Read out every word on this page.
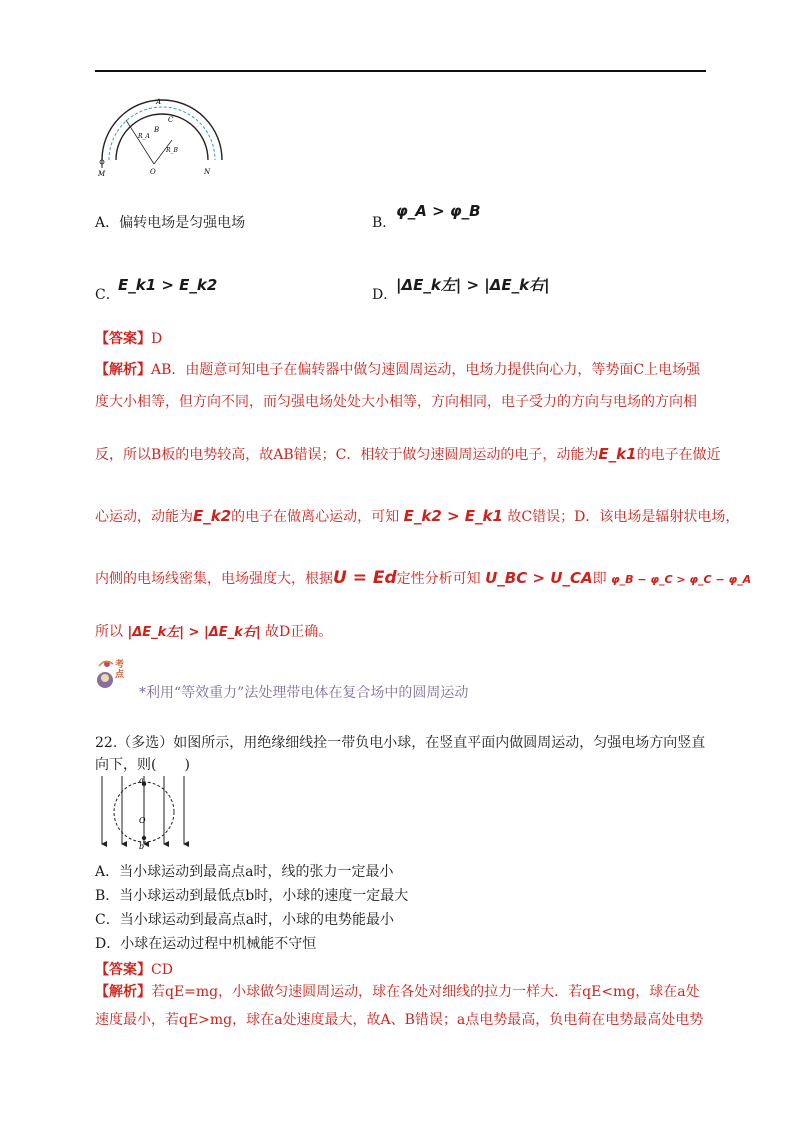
A
C
B
R_A
R_B
O
M	N
A．偏转电场是匀强电场	B．
φ_A > φ_B
C．
E_k1 > E_k2
D．
|ΔE_k左| > |ΔE_k右|
【答案】D
【解析】AB．由题意可知电子在偏转器中做匀速圆周运动，电场力提供向心力，等势面C上电场强
度大小相等，但方向不同，而匀强电场处处大小相等，方向相同，电子受力的方向与电场的方向相
反，所以B板的电势较高，故AB错误；C．相较于做匀速圆周运动的电子，动能为E_k1的电子在做近
心运动，动能为E_k2的电子在做离心运动，可知 E_k2 > E_k1 故C错误；D．该电场是辐射状电场，
内侧的电场线密集，电场强度大，根据U = Ed定性分析可知 U_BC > U_CA即 φ_B − φ_C > φ_C − φ_A
所以 |ΔE_k左| > |ΔE_k右| 故D正确。
考点
*利用“等效重力”法处理带电体在复合场中的圆周运动
22.（多选）如图所示，用绝缘细线拴一带负电小球，在竖直平面内做圆周运动，匀强电场方向竖直
向下，则(　　)
a
O
b
A．当小球运动到最高点a时，线的张力一定最小
B．当小球运动到最低点b时，小球的速度一定最大
C．当小球运动到最高点a时，小球的电势能最小
D．小球在运动过程中机械能不守恒
【答案】CD
【解析】若qE=mg，小球做匀速圆周运动，球在各处对细线的拉力一样大．若qE<mg，球在a处
速度最小，若qE>mg，球在a处速度最大，故A、B错误；a点电势最高，负电荷在电势最高处电势
